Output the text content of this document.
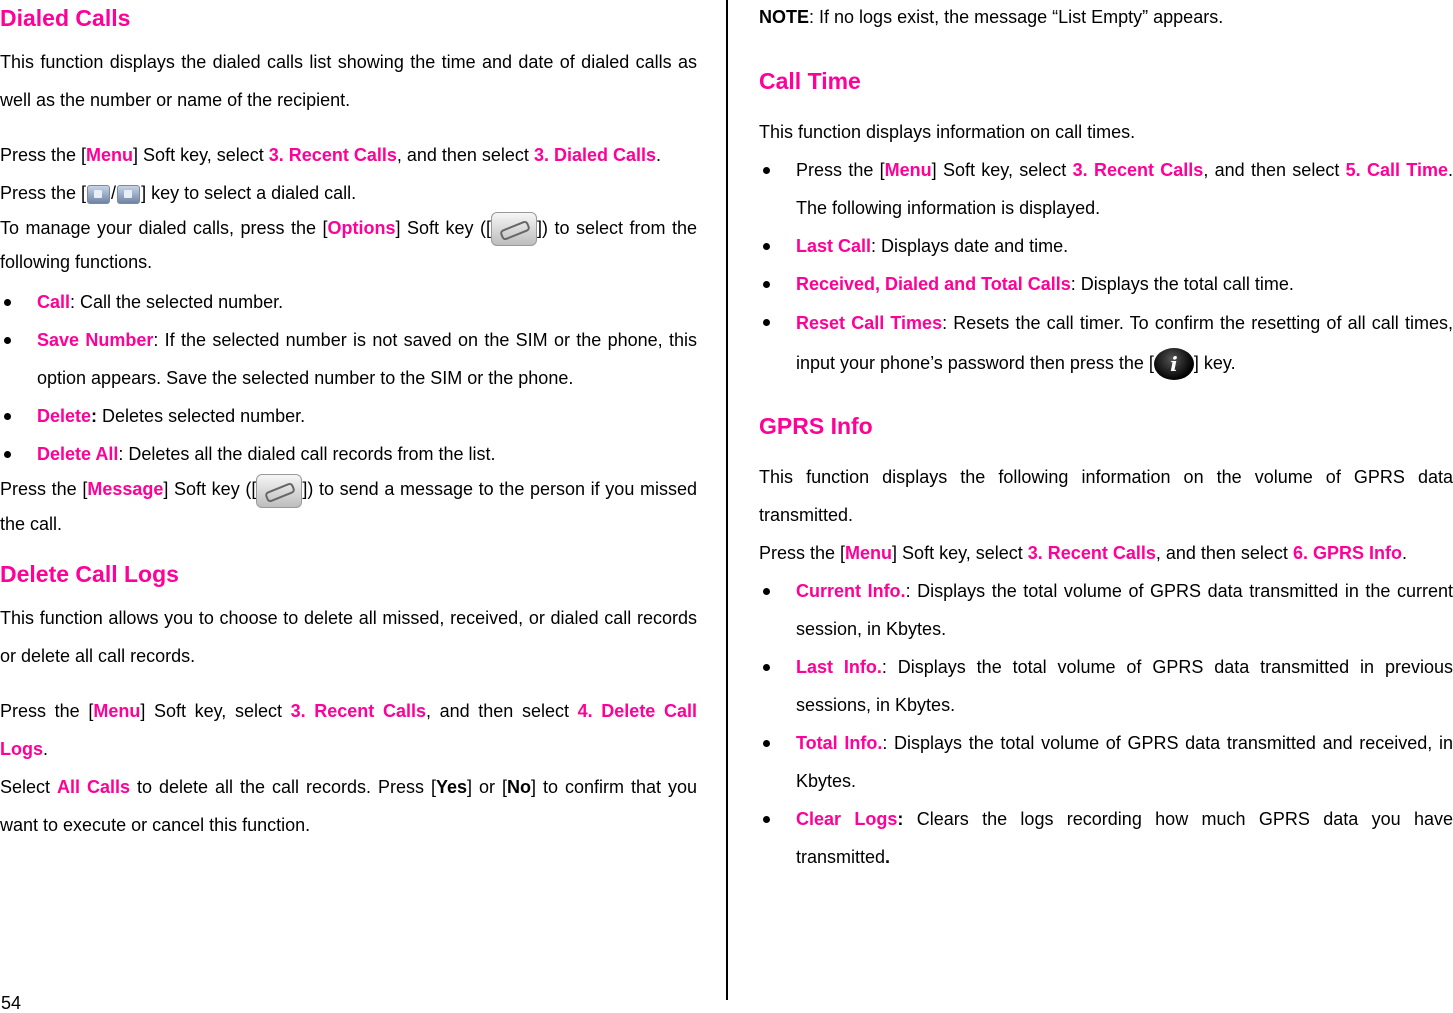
Dialed Calls

This function displays the dialed calls list showing the time and date of dialed calls as well as the number or name of the recipient.

Press the [Menu] Soft key, select 3. Recent Calls, and then select 3. Dialed Calls.

Press the [ / ] key to select a dialed call.

To manage your dialed calls, press the [Options] Soft key ([	]) to select from the following functions.

Call: Call the selected number.
Save Number: If the selected number is not saved on the SIM or the phone, this option appears. Save the selected number to the SIM or the phone.
Delete: Deletes selected number.
Delete All: Deletes all the dialed call records from the list.

Press the [Message] Soft key ([	]) to send a message to the person if you missed the call.

Delete Call Logs

This function allows you to choose to delete all missed, received, or dialed call records or delete all call records.

Press the [Menu] Soft key, select 3. Recent Calls, and then select 4. Delete Call Logs.

Select All Calls to delete all the call records. Press [Yes] or [No] to confirm that you want to execute or cancel this function.

54

NOTE: If no logs exist, the message “List Empty” appears.

Call Time

This function displays information on call times.

Press the [Menu] Soft key, select 3. Recent Calls, and then select 5. Call Time. The following information is displayed.
Last Call: Displays date and time.
Received, Dialed and Total Calls: Displays the total call time.
Reset Call Times: Resets the call timer. To confirm the resetting of all call times, input your phone’s password then press the [ i ] key.
GPRS Info

This function displays the following information on the volume of GPRS data transmitted.

Press the [Menu] Soft key, select 3. Recent Calls, and then select 6. GPRS Info.

Current Info.: Displays the total volume of GPRS data transmitted in the current session, in Kbytes.
Last Info.: Displays the total volume of GPRS data transmitted in previous sessions, in Kbytes.
Total Info.: Displays the total volume of GPRS data transmitted and received, in Kbytes.
Clear Logs: Clears the logs recording how much GPRS data you have transmitted.
